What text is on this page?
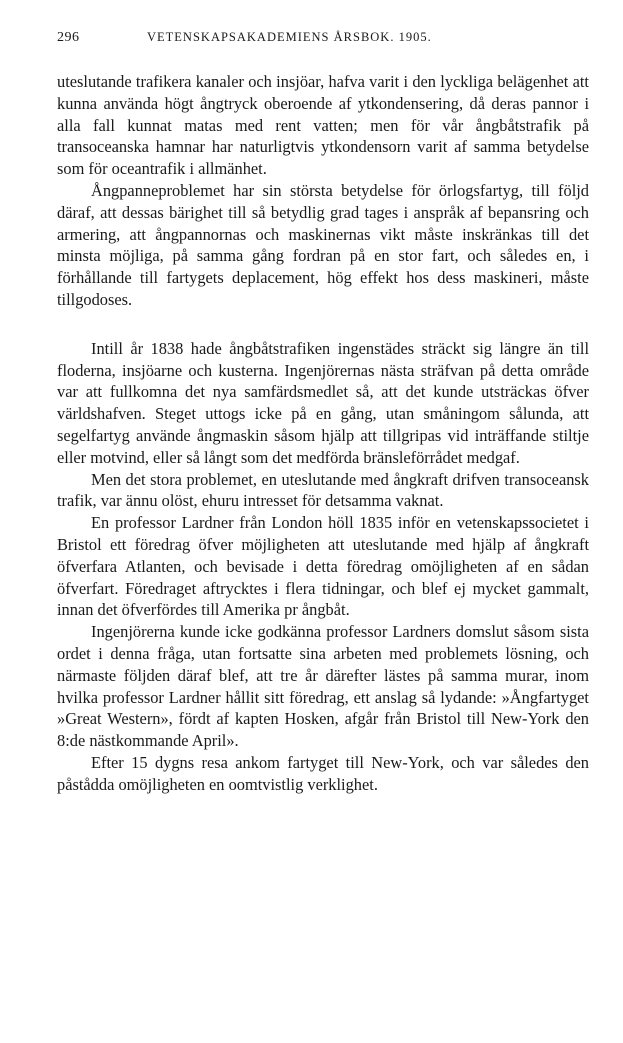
296	VETENSKAPSAKADEMIENS ÅRSBOK. 1905.

uteslutande trafikera kanaler och insjöar, hafva varit i den lyckliga belägenhet att kunna använda högt ångtryck oberoende af ytkondensering, då deras pannor i alla fall kunnat matas med rent vatten; men för vår ångbåtstrafik på transoceanska hamnar har naturligtvis ytkondensorn varit af samma betydelse som för oceantrafik i allmänhet.

Ångpanneproblemet har sin största betydelse för örlogsfartyg, till följd däraf, att dessas bärighet till så betydlig grad tages i anspråk af bepansring och armering, att ångpannornas och maskinernas vikt måste inskränkas till det minsta möjliga, på samma gång fordran på en stor fart, och således en, i förhållande till fartygets deplacement, hög effekt hos dess maskineri, måste tillgodoses.

Intill år 1838 hade ångbåtstrafiken ingenstädes sträckt sig längre än till floderna, insjöarne och kusterna. Ingenjörernas nästa sträfvan på detta område var att fullkomna det nya samfärdsmedlet så, att det kunde utsträckas öfver världshafven. Steget uttogs icke på en gång, utan småningom sålunda, att segelfartyg använde ångmaskin såsom hjälp att tillgripas vid inträffande stiltje eller motvind, eller så långt som det medförda bränsleförrådet medgaf.

Men det stora problemet, en uteslutande med ångkraft drifven transoceansk trafik, var ännu olöst, ehuru intresset för detsamma vaknat.

En professor Lardner från London höll 1835 inför en vetenskapssocietet i Bristol ett föredrag öfver möjligheten att uteslutande med hjälp af ångkraft öfverfara Atlanten, och bevisade i detta föredrag omöjligheten af en sådan öfverfart. Föredraget aftrycktes i flera tidningar, och blef ej mycket gammalt, innan det öfverfördes till Amerika pr ångbåt.

Ingenjörerna kunde icke godkänna professor Lardners domslut såsom sista ordet i denna fråga, utan fortsatte sina arbeten med problemets lösning, och närmaste följden däraf blef, att tre år därefter lästes på samma murar, inom hvilka professor Lardner hållit sitt föredrag, ett anslag så lydande: »Ångfartyget »Great Western», fördt af kapten Hosken, afgår från Bristol till New-York den 8:de nästkommande April».

Efter 15 dygns resa ankom fartyget till New-York, och var således den påstådda omöjligheten en oomtvistlig verklighet.
